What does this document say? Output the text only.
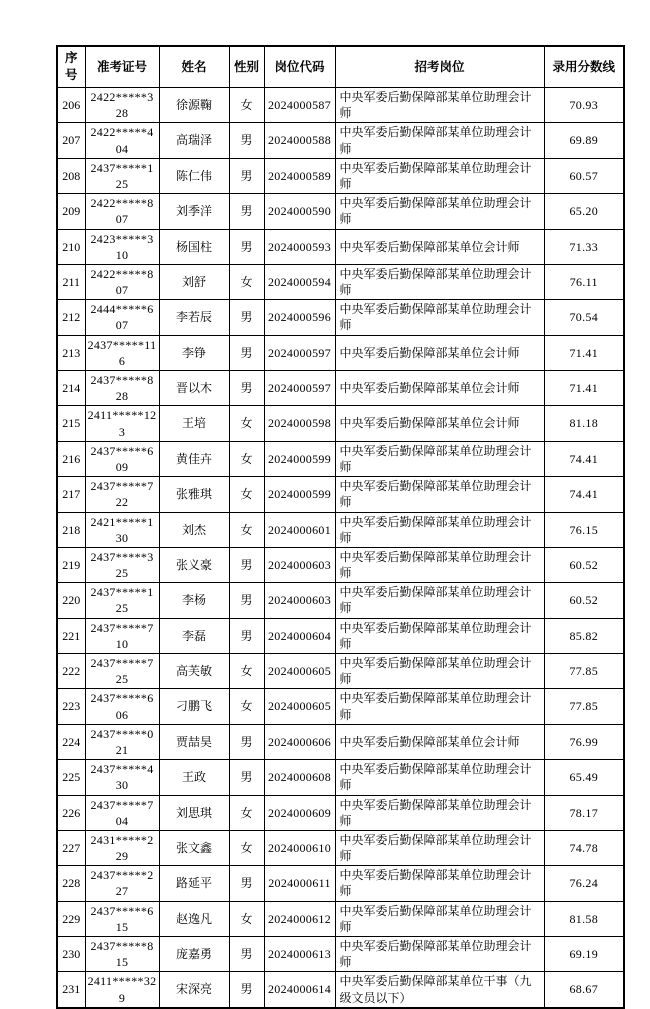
序号	准考证号	姓名	性别	岗位代码	招考岗位	录用分数线
206	2422*****328	徐源鞠	女	2024000587	中央军委后勤保障部某单位助理会计师	70.93
207	2422*****404	高瑞泽	男	2024000588	中央军委后勤保障部某单位助理会计师	69.89
208	2437*****125	陈仁伟	男	2024000589	中央军委后勤保障部某单位助理会计师	60.57
209	2422*****807	刘季洋	男	2024000590	中央军委后勤保障部某单位助理会计师	65.20
210	2423*****310	杨国柱	男	2024000593	中央军委后勤保障部某单位会计师	71.33
211	2422*****807	刘舒	女	2024000594	中央军委后勤保障部某单位助理会计师	76.11
212	2444*****607	李若辰	男	2024000596	中央军委后勤保障部某单位助理会计师	70.54
213	2437*****116	李铮	男	2024000597	中央军委后勤保障部某单位会计师	71.41
214	2437*****828	晋以木	男	2024000597	中央军委后勤保障部某单位会计师	71.41
215	2411*****123	王培	女	2024000598	中央军委后勤保障部某单位会计师	81.18
216	2437*****609	黄佳卉	女	2024000599	中央军委后勤保障部某单位助理会计师	74.41
217	2437*****722	张雅琪	女	2024000599	中央军委后勤保障部某单位助理会计师	74.41
218	2421*****130	刘杰	女	2024000601	中央军委后勤保障部某单位助理会计师	76.15
219	2437*****325	张义豪	男	2024000603	中央军委后勤保障部某单位助理会计师	60.52
220	2437*****125	李杨	男	2024000603	中央军委后勤保障部某单位助理会计师	60.52
221	2437*****710	李磊	男	2024000604	中央军委后勤保障部某单位助理会计师	85.82
222	2437*****725	高芙敏	女	2024000605	中央军委后勤保障部某单位助理会计师	77.85
223	2437*****606	刁鹏飞	女	2024000605	中央军委后勤保障部某单位助理会计师	77.85
224	2437*****021	贾喆昊	男	2024000606	中央军委后勤保障部某单位会计师	76.99
225	2437*****430	王政	男	2024000608	中央军委后勤保障部某单位助理会计师	65.49
226	2437*****704	刘思琪	女	2024000609	中央军委后勤保障部某单位助理会计师	78.17
227	2431*****229	张文鑫	女	2024000610	中央军委后勤保障部某单位助理会计师	74.78
228	2437*****227	路延平	男	2024000611	中央军委后勤保障部某单位助理会计师	76.24
229	2437*****615	赵逸凡	女	2024000612	中央军委后勤保障部某单位助理会计师	81.58
230	2437*****815	庞嘉勇	男	2024000613	中央军委后勤保障部某单位助理会计师	69.19
231	2411*****329	宋深亮	男	2024000614	中央军委后勤保障部某单位干事（九级文员以下）	68.67
